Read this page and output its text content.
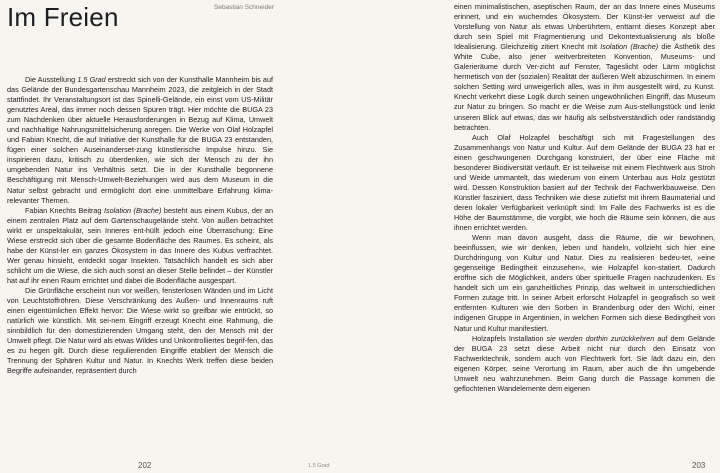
Im Freien	Sebastian Schneider

Die Ausstellung 1.5 Grad erstreckt sich von der Kunsthalle Mannheim bis auf das Gelände der Bundesgartenschau Mannheim 2023, die zeitgleich in der Stadt stattfindet. Ihr Veranstaltungsort ist das Spinelli-Gelände, ein einst vom US-Militär genutztes Areal, das immer noch dessen Spuren trägt. Hier möchte die BUGA 23 zum Nachdenken über aktuelle Herausforderungen in Bezug auf Klima, Umwelt und nachhaltige Nahrungsmittelsicherung anregen. Die Werke von Olaf Holzapfel und Fabian Knecht, die auf Initiative der Kunsthalle für die BUGA 23 entstanden, fügen einer solchen Auseinanderset-zung künstlerische Impulse hinzu. Sie inspirieren dazu, kritisch zu überdenken, wie sich der Mensch zu der ihn umgebenden Natur ins Verhältnis setzt. Die in der Kunsthalle begonnene Beschäftigung mit Mensch-Umwelt-Beziehungen wird aus dem Museum in die Natur selbst gebracht und ermöglicht dort eine unmittelbare Erfahrung klima-relevanter Themen.

Fabian Knechts Beitrag Isolation (Brache) besteht aus einem Kubus, der an einem zentralen Platz auf dem Gartenschaugelände steht. Von außen betrachtet wirkt er unspektakulär, sein Inneres ent-hüllt jedoch eine Überraschung: Eine Wiese erstreckt sich über die gesamte Bodenfläche des Raumes. Es scheint, als habe der Künst-ler ein ganzes Ökosystem in das Innere des Kubus verfrachtet. Wer genau hinsieht, entdeckt sogar Insekten. Tatsächlich handelt es sich aber schlicht um die Wiese, die sich auch sonst an dieser Stelle befindet – der Künstler hat auf ihr einen Raum errichtet und dabei die Bodenfläche ausgespart.

Die Grünfläche erscheint nun vor weißen, fensterlosen Wänden und im Licht von Leuchtstoffröhren. Diese Verschränkung des Außen- und Innenraums ruft einen eigentümlichen Effekt hervor: Die Wiese wirkt so greifbar wie entrückt, so natürlich wie künstlich. Mit sei-nem Eingriff erzeugt Knecht eine Rahmung, die sinnbildlich für den domestizierenden Umgang steht, den der Mensch mit der Umwelt pflegt. Die Natur wird als etwas Wildes und Unkontrolliertes begrif-fen, das es zu hegen gilt. Durch diese regulierenden Eingriffe etabliert der Mensch die Trennung der Sphären Kultur und Natur. In Knechts Werk treffen diese beiden Begriffe aufeinander, repräsentiert durch

einen minimalistischen, aseptischen Raum, der an das Innere eines Museums erinnert, und ein wucherndes Ökosystem. Der Künst-ler verweist auf die Vorstellung von Natur als etwas Unberührtem, enttarnt dieses Konzept aber durch sein Spiel mit Fragmentierung und Dekontextualisierung als bloße Idealisierung. Gleichzeitig zitiert Knecht mit Isolation (Brache) die Ästhetik des White Cube, also jener weitverbreiteten Konvention, Museums- und Galerieräume durch Ver-zicht auf Fenster, Tageslicht oder Lärm möglichst hermetisch von der (sozialen) Realität der äußeren Welt abzuschirmen. In einem solchen Setting wird unweigerlich alles, was in ihm ausgestellt wird, zu Kunst. Knecht verkehrt diese Logik durch seinen ungewöhnlichen Eingriff, das Museum zur Natur zu bringen. So macht er die Weise zum Aus-stellungstück und lenkt unseren Blick auf etwas, das wir häufig als selbstverständlich oder randständig betrachten.

Auch Olaf Holzapfel beschäftigt sich mit Fragestellungen des Zusammenhangs von Natur und Kultur. Auf dem Gelände der BUGA 23 hat er einen geschwungenen Durchgang konstruiert, der über eine Fläche mit besonderer Biodiversität verläuft. Er ist teilweise mit einem Flechtwerk aus Stroh und Weide ummantelt, das wiederum von einem Unterbau aus Holz gestützt wird. Dessen Konstruktion basiert auf der Technik der Fachwerkbauweise. Den Künstler fasziniert, dass Techniken wie diese zutiefst mit ihrem Baumaterial und deren lokaler Verfügbarkeit verknüpft sind: Im Falle des Fachwerks ist es die Höhe der Baumstämme, die vorgibt, wie hoch die Räume sein können, die aus ihnen errichtet werden.

Wenn man davon ausgeht, dass die Räume, die wir bewohnen, beeinflussen, wie wir denken, leben und handeln, vollzieht sich hier eine Durchdringung von Kultur und Natur. Dies zu realisieren bedeu-tet, »eine gegenseitige Bedingtheit einzusehen«, wie Holzapfel kon-statiert. Dadurch eröffne sich die Möglichkeit, anders über spirituelle Fragen nachzudenken. Es handelt sich um ein ganzheitliches Prinzip, das weltweit in unterschiedlichen Formen zutage tritt. In seiner Arbeit erforscht Holzapfel in geografisch so weit entfernten Kulturen wie den Sorben in Brandenburg oder den Wichí, einer indigenen Gruppe in Argentinien, in welchen Formen sich diese Bedingtheit von Natur und Kultur manifestiert.

Holzapfels Installation sie werden dorthin zurückkehren auf dem Gelände der BUGA 23 setzt diese Arbeit nicht nur durch den Einsatz von Fachwerktechnik, sondern auch von Flechtwerk fort. Sie lädt dazu ein, den eigenen Körper, seine Verortung im Raum, aber auch die ihn umgebende Umwelt neu wahrzunehmen. Beim Gang durch die Passage kommen die geflochtenen Wandelemente dem eigenen

202	1.5 Grad	203
